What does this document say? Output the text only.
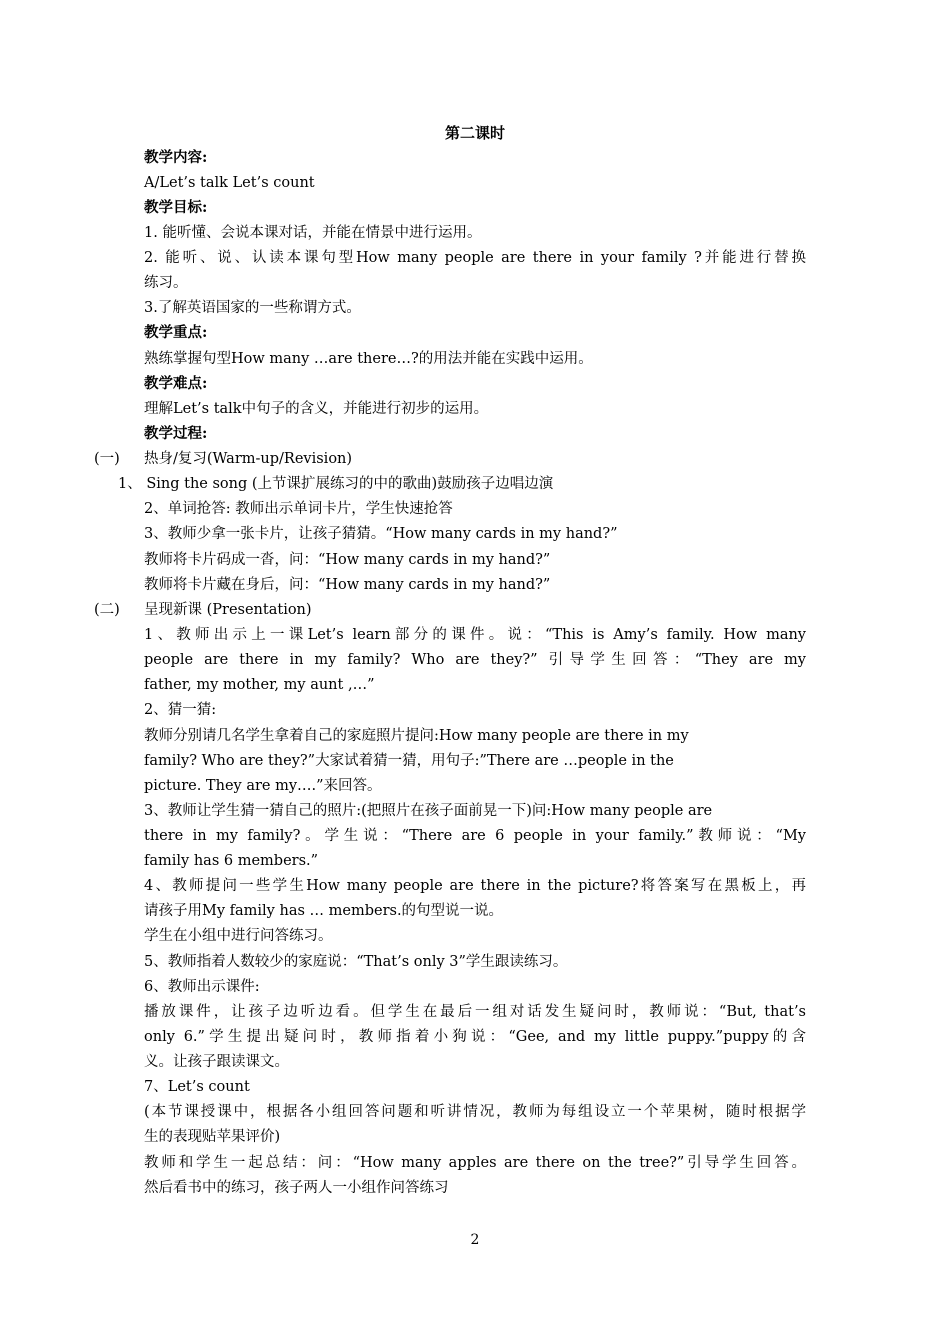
第二课时
教学内容:
A/Let’s talk Let’s count
教学目标:
1. 能听懂、会说本课对话，并能在情景中进行运用。
2. 能听、说、认读本课句型How many people are there in your family ?并能进行替换
练习。
3.了解英语国家的一些称谓方式。
教学重点:
熟练掌握句型How many …are there…?的用法并能在实践中运用。
教学难点:
理解Let’s talk中句子的含义，并能进行初步的运用。
教学过程:
(一) 热身/复习(Warm-up/Revision)
1、 Sing the song (上节课扩展练习的中的歌曲)鼓励孩子边唱边演
2、单词抢答: 教师出示单词卡片，学生快速抢答
3、教师少拿一张卡片，让孩子猜猜。“How many cards in my hand?”
教师将卡片码成一沓，问：“How many cards in my hand?”
教师将卡片藏在身后，问：“How many cards in my hand?”
(二) 呈现新课 (Presentation)
1、教师出示上一课Let’s learn部分的课件。说：“This is Amy’s family. How many
people are there in my family? Who are they?” 引导学生回答：“They are my
father, my mother, my aunt ,…”
2、猜一猜:
教师分别请几名学生拿着自己的家庭照片提问:How many people are there in my
family? Who are they?”大家试着猜一猜，用句子:”There are …people in the
picture. They are my….”来回答。
3、教师让学生猜一猜自己的照片:(把照片在孩子面前晃一下)问:How many people are
there in my family?。学生说：“There are 6 people in your family.”教师说：“My
family has 6 members.”
4、教师提问一些学生How many people are there in the picture?将答案写在黑板上，再
请孩子用My family has … members.的句型说一说。
学生在小组中进行问答练习。
5、教师指着人数较少的家庭说：“That’s only 3”学生跟读练习。
6、教师出示课件:
播放课件，让孩子边听边看。但学生在最后一组对话发生疑问时，教师说：“But, that’s
only 6.”学生提出疑问时，教师指着小狗说：“Gee, and my little puppy.”puppy的含
义。让孩子跟读课文。
7、Let’s count
(本节课授课中，根据各小组回答问题和听讲情况，教师为每组设立一个苹果树，随时根据学
生的表现贴苹果评价)
教师和学生一起总结：问：“How many apples are there on the tree?”引导学生回答。
然后看书中的练习，孩子两人一小组作问答练习
2
